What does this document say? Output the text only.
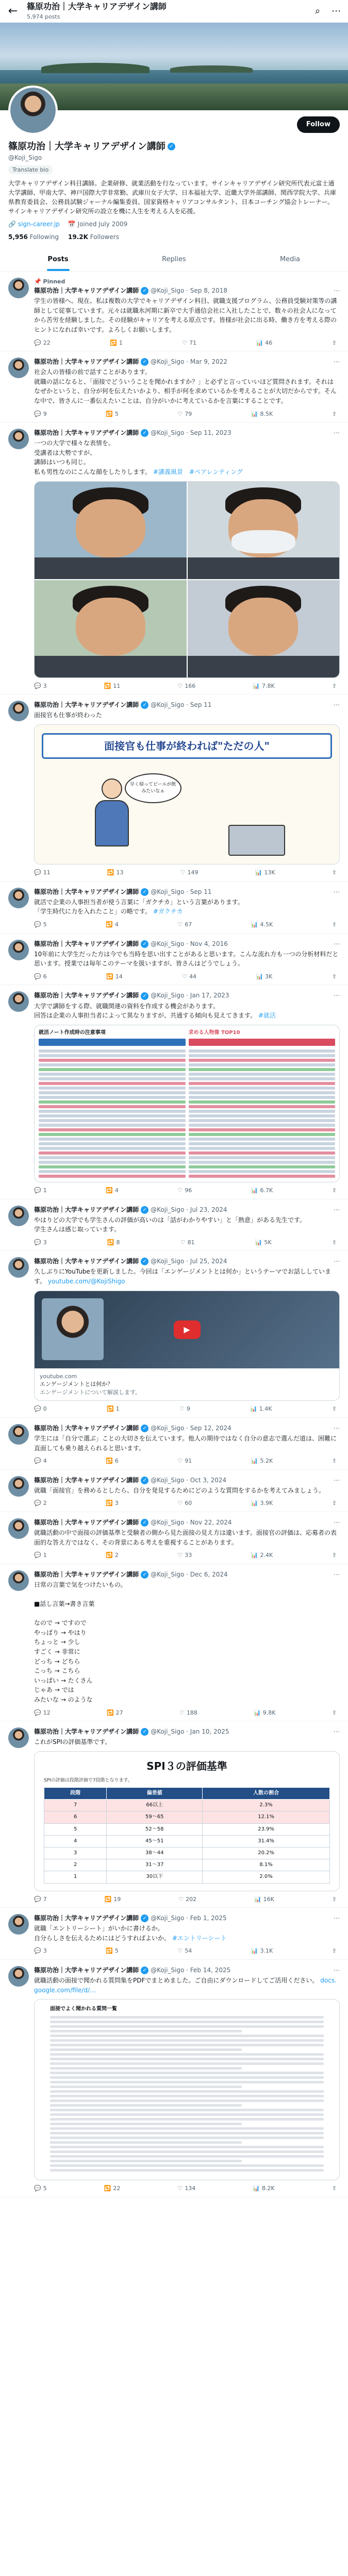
← 篠原功治｜大学キャリアデザイン講師
5,974 posts
⌕	⋯
Follow
篠原功治｜大学キャリアデザイン講師 ✓
@Koji_Sigo
Translate bio
大学キャリアデザイン科目講師。企業研修、就業活動を行なっています。サインキャリアデザイン研究所代表元富士通大学講師、甲南大学、神戸国際大学非常勤、武庫川女子大学、日本福祉大学、近畿大学外部講師、関西学院大学、兵庫県教育委員会、公務員試験ジャーナル編集委員、国家資格キャリアコンサルタント、日本コーチング協会トレーナー。サインキャリアデザイン研究所の設立を機に人生を考える人を応援。
🔗 sign-career.jp 📅 Joined July 2009
5,956 Following 19.2K Followers
Posts	Replies	Media
📌 Pinned
篠原功治｜大学キャリアデザイン講師 ✓ @Koji_Sigo · Sep 8, 2018	⋯
学生の皆様へ。現在、私は複数の大学でキャリアデザイン科目、就職支援プログラム、公務員受験対策等の講師として従事しています。元々は就職氷河期に新卒で大手通信会社に入社したことで、数々の社会人になってから苦労を経験しました。その経験がキャリアを考える原点です。皆様が社会に出る時、働き方を考える際のヒントになれば幸いです。よろしくお願いします。
💬 22	🔁 1	♡ 71	📊 46	⇪
篠原功治｜大学キャリアデザイン講師 ✓ @Koji_Sigo · Mar 9, 2022	⋯
社会人の皆様の前で話すことがあります。
就職の話になると、「面接でどういうことを聞かれますか？」と必ずと言っていいほど質問されます。それはなぜかというと、自分が何を伝えたいかより、相手が何を求めているかを考えることが大切だからです。そんな中で、皆さんに一番伝えたいことは、自分がいかに考えているかを言葉にすることです。
💬 9	🔁 5	♡ 79	📊 8.5K	⇪
篠原功治｜大学キャリアデザイン講師 ✓ @Koji_Sigo · Sep 11, 2023	⋯
一つの大学で様々な表情を。
受講者は大勢ですが、
講師はいつも同じ。
私も男性なのにこんな顔をしたりします。 #講義風景　#ペアレンティング
💬 3	🔁 11	♡ 166	📊 7.8K	⇪
篠原功治｜大学キャリアデザイン講師 ✓ @Koji_Sigo · Sep 11	⋯
面接官も仕事が終わった
面接官も仕事が終われば"ただの人"
早く帰ってビールが飲みたいなぁ
💬 11	🔁 13	♡ 149	📊 13K	⇪
篠原功治｜大学キャリアデザイン講師 ✓ @Koji_Sigo · Sep 11	⋯
就活で企業の人事担当者が使う言葉に「ガクチカ」という言葉があります。
「学生時代に力を入れたこと」の略です。 #ガクチカ
💬 5	🔁 4	♡ 67	📊 4.5K	⇪
篠原功治｜大学キャリアデザイン講師 ✓ @Koji_Sigo · Nov 4, 2016	⋯
10年前に大学生だった方は今でも当時を思い出すことがあると思います。こんな流れ方も一つの分析材料だと思います。授業では毎年このテーマを扱いますが、皆さんはどうでしょう。
💬 6	🔁 14	♡ 44	📊 3K	⇪
篠原功治｜大学キャリアデザイン講師 ✓ @Koji_Sigo · Jan 17, 2023	⋯
大学で講師をする際、就職関連の資料を作成する機会があります。
回答は企業の人事担当者によって異なりますが、共通する傾向も見えてきます。 #就活
就活ノート作成時の注意事項	求める人物像 TOP10
💬 1	🔁 4	♡ 96	📊 6.7K	⇪
篠原功治｜大学キャリアデザイン講師 ✓ @Koji_Sigo · Jul 23, 2024	⋯
やはりどの大学でも学生さんの評価が高いのは「話がわかりやすい」と「熱意」がある先生です。
学生さんは感じ取っています。
💬 3	🔁 8	♡ 81	📊 5K	⇪
篠原功治｜大学キャリアデザイン講師 ✓ @Koji_Sigo · Jul 25, 2024	⋯
久しぶりにYouTubeを更新しました。今回は「エンゲージメントとは何か」というテーマでお話ししています。 youtube.com/@KojiShigo
▶
youtube.com
エンゲージメントとは何か？
エンゲージメントについて解説します。
💬 0	🔁 1	♡ 9	📊 1.4K	⇪
篠原功治｜大学キャリアデザイン講師 ✓ @Koji_Sigo · Sep 12, 2024	⋯
学生には「自分で選ぶ」ことの大切さを伝えています。他人の期待ではなく自分の意志で選んだ道は、困難に直面しても乗り越えられると思います。
💬 4	🔁 6	♡ 91	📊 5.2K	⇪
篠原功治｜大学キャリアデザイン講師 ✓ @Koji_Sigo · Oct 3, 2024	⋯
就職「面接官」を務めるとしたら、自分を発見するためにどのような質問をするかを考えてみましょう。
💬 2	🔁 3	♡ 60	📊 3.9K	⇪
篠原功治｜大学キャリアデザイン講師 ✓ @Koji_Sigo · Nov 22, 2024	⋯
就職活動の中で面接の評価基準と受験者の側から見た面接の見え方は違います。面接官の評価は、応募者の表面的な答え方ではなく、その背景にある考えを重視することがあります。
💬 1	🔁 2	♡ 33	📊 2.4K	⇪
篠原功治｜大学キャリアデザイン講師 ✓ @Koji_Sigo · Dec 6, 2024	⋯
日常の言葉で気をつけたいもの。

■話し言葉→書き言葉

なので → ですので
やっぱり → やはり
ちょっと → 少し
すごく → 非常に
どっち → どちら
こっち → こちら
いっぱい → たくさん
じゃあ → では
みたいな → のような
💬 12	🔁 27	♡ 188	📊 9.8K	⇪
篠原功治｜大学キャリアデザイン講師 ✓ @Koji_Sigo · Jan 10, 2025	⋯
これがSPIの評価基準です。
SPI３の評価基準
SPIの評価は段階評価で7段階となります。
段階	偏差値	人数の割合
7	66以上	2.3%
6	59〜65	12.1%
5	52〜58	23.9%
4	45〜51	31.4%
3	38〜44	20.2%
2	31〜37	8.1%
1	30以下	2.0%
💬 7	🔁 19	♡ 202	📊 16K	⇪
篠原功治｜大学キャリアデザイン講師 ✓ @Koji_Sigo · Feb 1, 2025	⋯
就職「エントリーシート」がいかに書けるか。
自分らしさを伝えるためにはどうすればよいか。 #エントリーシート
💬 3	🔁 5	♡ 54	📊 3.1K	⇪
篠原功治｜大学キャリアデザイン講師 ✓ @Koji_Sigo · Feb 14, 2025	⋯
就職活動の面接で聞かれる質問集をPDFでまとめました。ご自由にダウンロードしてご活用ください。 docs.google.com/file/d/…
面接でよく聞かれる質問一覧
💬 5	🔁 22	♡ 134	📊 8.2K	⇪
